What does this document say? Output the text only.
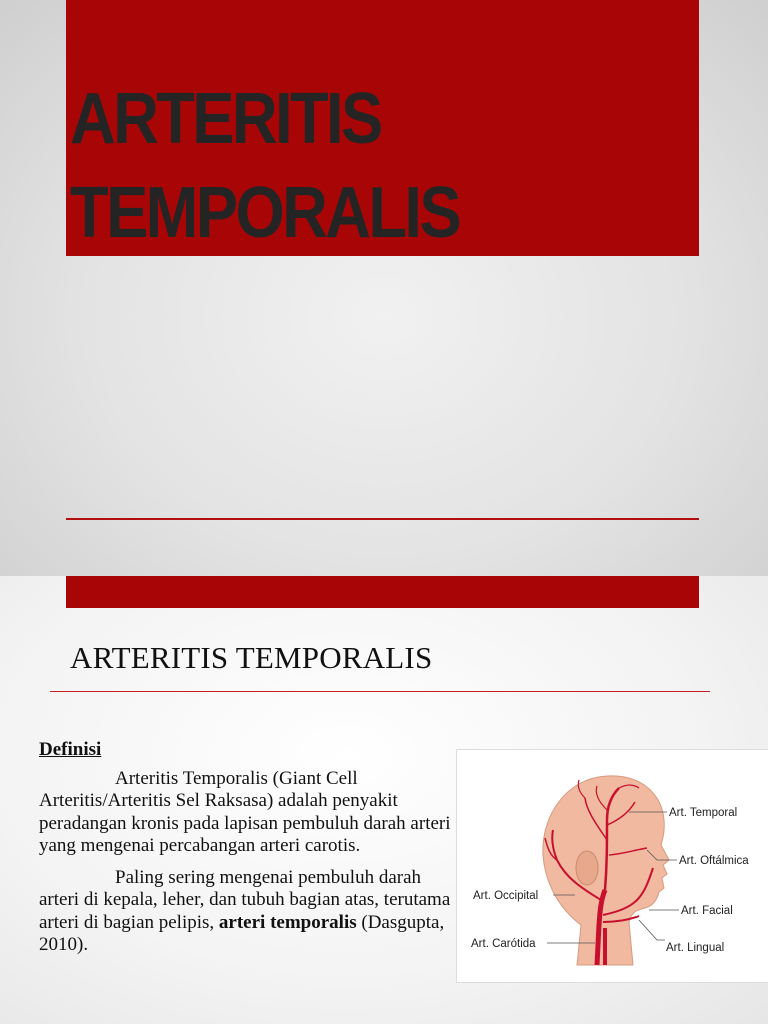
ARTERITIS
TEMPORALIS
ARTERITIS TEMPORALIS

Definisi

Arteritis Temporalis (Giant Cell Arteritis/Arteritis Sel Raksasa) adalah penyakit peradangan kronis pada lapisan pembuluh darah arteri yang mengenai percabangan arteri carotis.

Paling sering mengenai pembuluh darah arteri di kepala, leher, dan tubuh bagian atas, terutama arteri di bagian pelipis, arteri temporalis (Dasgupta, 2010).

Art. Temporal
Art. Oftálmica
Art. Occipital
Art. Facial
Art. Carótida	Art. Lingual
